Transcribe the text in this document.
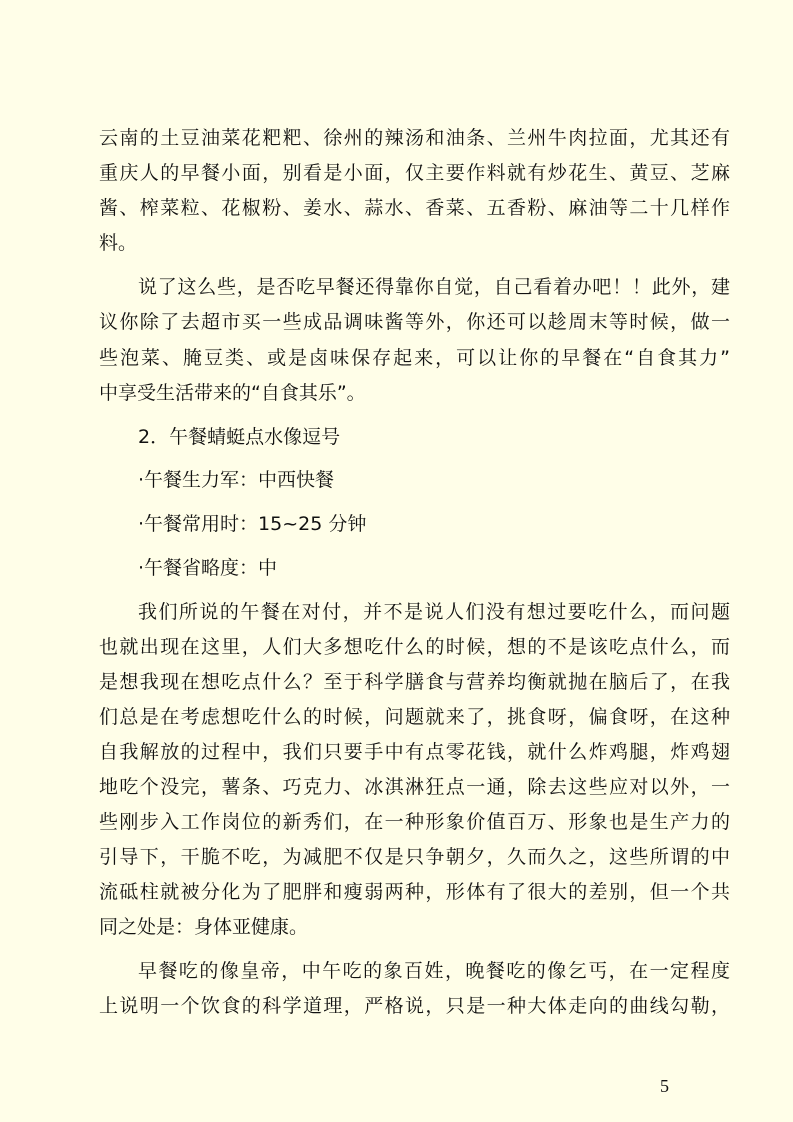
云南的土豆油菜花粑粑、徐州的辣汤和油条、兰州牛肉拉面，尤其还有
重庆人的早餐小面，别看是小面，仅主要作料就有炒花生、黄豆、芝麻
酱、榨菜粒、花椒粉、姜水、蒜水、香菜、五香粉、麻油等二十几样作
料。
说了这么些，是否吃早餐还得靠你自觉，自己看着办吧！！此外，建
议你除了去超市买一些成品调味酱等外，你还可以趁周末等时候，做一
些泡菜、腌豆类、或是卤味保存起来，可以让你的早餐在“自食其力”
中享受生活带来的“自食其乐”。
2．午餐蜻蜓点水像逗号
·午餐生力军：中西快餐
·午餐常用时：15~25 分钟
·午餐省略度：中
我们所说的午餐在对付，并不是说人们没有想过要吃什么，而问题
也就出现在这里，人们大多想吃什么的时候，想的不是该吃点什么，而
是想我现在想吃点什么？至于科学膳食与营养均衡就抛在脑后了，在我
们总是在考虑想吃什么的时候，问题就来了，挑食呀，偏食呀，在这种
自我解放的过程中，我们只要手中有点零花钱，就什么炸鸡腿，炸鸡翅
地吃个没完，薯条、巧克力、冰淇淋狂点一通，除去这些应对以外，一
些刚步入工作岗位的新秀们，在一种形象价值百万、形象也是生产力的
引导下，干脆不吃，为减肥不仅是只争朝夕，久而久之，这些所谓的中
流砥柱就被分化为了肥胖和瘦弱两种，形体有了很大的差别，但一个共
同之处是：身体亚健康。
早餐吃的像皇帝，中午吃的象百姓，晚餐吃的像乞丐，在一定程度
上说明一个饮食的科学道理，严格说，只是一种大体走向的曲线勾勒，
5
